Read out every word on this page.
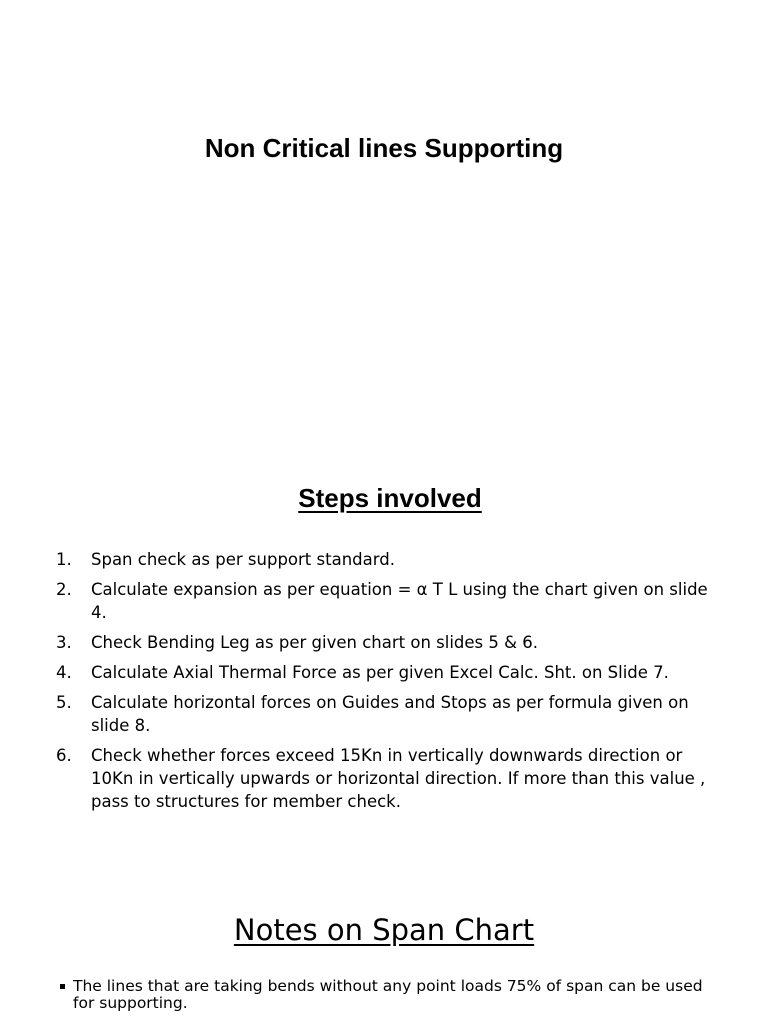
Non Critical lines Supporting
Steps involved
1. Span check as per support standard.
2. Calculate expansion as per equation = α T L using the chart given on slide 4.
3. Check Bending Leg as per given chart on slides 5 & 6.
4. Calculate Axial Thermal Force as per given Excel Calc. Sht. on Slide 7.
5. Calculate horizontal forces on Guides and Stops as per formula given on slide 8.
6. Check whether forces exceed 15Kn in vertically downwards direction or 10Kn in vertically upwards or horizontal direction. If more than this value , pass to structures for member check.
Notes on Span Chart
The lines that are taking bends without any point loads 75% of span can be used for supporting.
